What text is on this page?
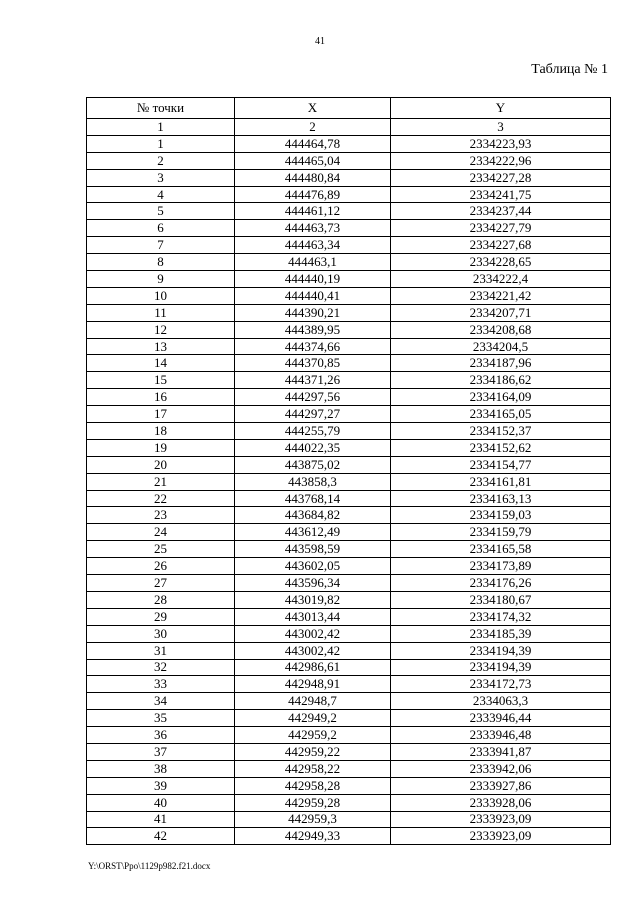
41
Таблица № 1
№ точки	X	Y
1	2	3
1	444464,78	2334223,93
2	444465,04	2334222,96
3	444480,84	2334227,28
4	444476,89	2334241,75
5	444461,12	2334237,44
6	444463,73	2334227,79
7	444463,34	2334227,68
8	444463,1	2334228,65
9	444440,19	2334222,4
10	444440,41	2334221,42
11	444390,21	2334207,71
12	444389,95	2334208,68
13	444374,66	2334204,5
14	444370,85	2334187,96
15	444371,26	2334186,62
16	444297,56	2334164,09
17	444297,27	2334165,05
18	444255,79	2334152,37
19	444022,35	2334152,62
20	443875,02	2334154,77
21	443858,3	2334161,81
22	443768,14	2334163,13
23	443684,82	2334159,03
24	443612,49	2334159,79
25	443598,59	2334165,58
26	443602,05	2334173,89
27	443596,34	2334176,26
28	443019,82	2334180,67
29	443013,44	2334174,32
30	443002,42	2334185,39
31	443002,42	2334194,39
32	442986,61	2334194,39
33	442948,91	2334172,73
34	442948,7	2334063,3
35	442949,2	2333946,44
36	442959,2	2333946,48
37	442959,22	2333941,87
38	442958,22	2333942,06
39	442958,28	2333927,86
40	442959,28	2333928,06
41	442959,3	2333923,09
42	442949,33	2333923,09
Y:\ORST\Ppo\1129p982.f21.docx
